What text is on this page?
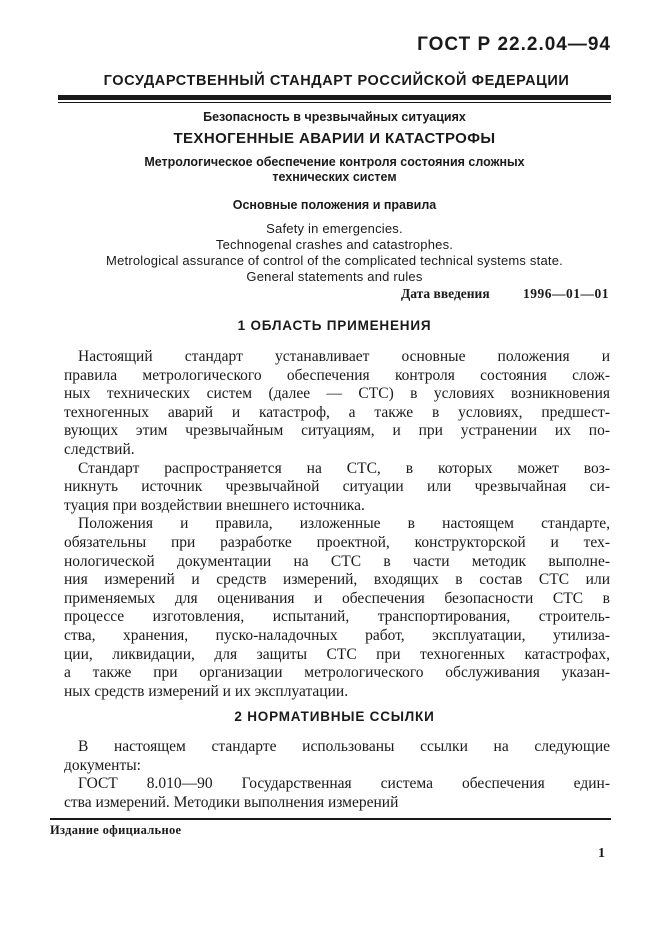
ГОСТ Р 22.2.04—94
ГОСУДАРСТВЕННЫЙ СТАНДАРТ РОССИЙСКОЙ ФЕДЕРАЦИИ
Безопасность в чрезвычайных ситуациях
ТЕХНОГЕННЫЕ АВАРИИ И КАТАСТРОФЫ
Метрологическое обеспечение контроля состояния сложных
технических систем
Основные положения и правила
Safety in emergencies.
Technogenal crashes and catastrophes.
Metrological assurance of control of the complicated technical systems state.
General statements and rules
Дата введения 1996—01—01
1 ОБЛАСТЬ ПРИМЕНЕНИЯ
Настоящий стандарт устанавливает основные положения и
правила метрологического обеспечения контроля состояния слож-
ных технических систем (далее — СТС) в условиях возникновения
техногенных аварий и катастроф, а также в условиях, предшест-
вующих этим чрезвычайным ситуациям, и при устранении их по-
следствий.
Стандарт распространяется на СТС, в которых может воз-
никнуть источник чрезвычайной ситуации или чрезвычайная си-
туация при воздействии внешнего источника.
Положения и правила, изложенные в настоящем стандарте,
обязательны при разработке проектной, конструкторской и тех-
нологической документации на СТС в части методик выполне-
ния измерений и средств измерений, входящих в состав СТС или
применяемых для оценивания и обеспечения безопасности СТС в
процессе изготовления, испытаний, транспортирования, строитель-
ства, хранения, пуско-наладочных работ, эксплуатации, утилиза-
ции, ликвидации, для защиты СТС при техногенных катастрофах,
а также при организации метрологического обслуживания указан-
ных средств измерений и их эксплуатации.
2 НОРМАТИВНЫЕ ССЫЛКИ
В настоящем стандарте использованы ссылки на следующие
документы:
ГОСТ 8.010—90 Государственная система обеспечения един-
ства измерений. Методики выполнения измерений
Издание официальное
1
